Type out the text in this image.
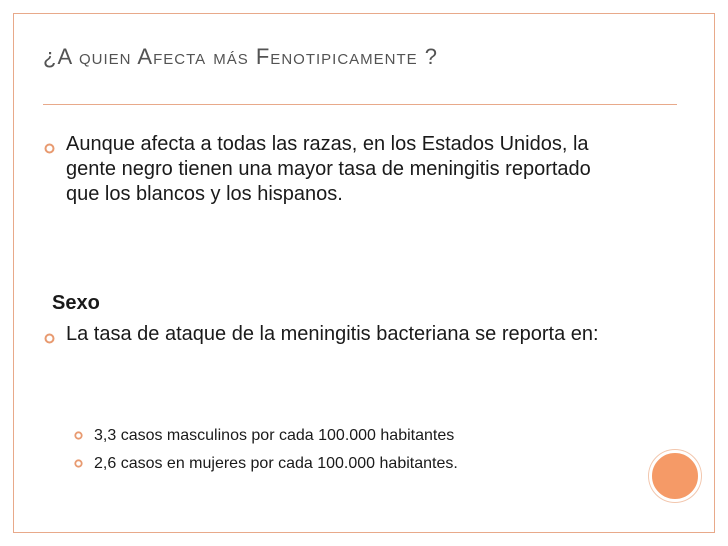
¿A quien Afecta más Fenotipicamente ?

Aunque afecta a todas las razas, en los Estados Unidos, la gente negro tienen una mayor tasa de meningitis reportado que los blancos y los hispanos.

Sexo

La tasa de ataque de la meningitis bacteriana se reporta en:

3,3 casos masculinos por cada 100.000 habitantes

2,6 casos en mujeres por cada 100.000 habitantes.
